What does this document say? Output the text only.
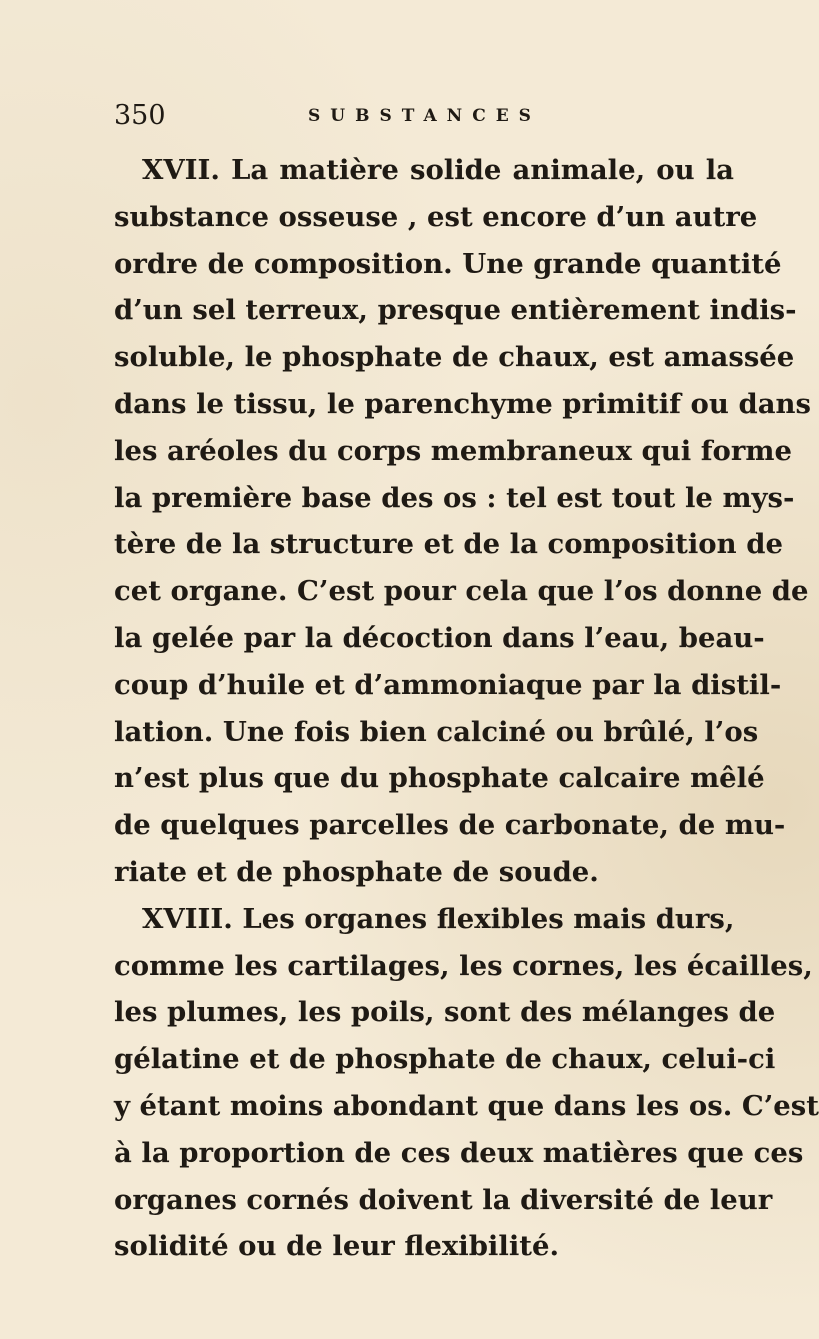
350	SUBSTANCES
XVII. La matière solide animale, ou la
substance osseuse , est encore d’un autre
ordre de composition. Une grande quantité
d’un sel terreux, presque entièrement indis-
soluble, le phosphate de chaux, est amassée
dans le tissu, le parenchyme primitif ou dans
les aréoles du corps membraneux qui forme
la première base des os : tel est tout le mys-
tère de la structure et de la composition de
cet organe. C’est pour cela que l’os donne de
la gelée par la décoction dans l’eau, beau-
coup d’huile et d’ammoniaque par la distil-
lation. Une fois bien calciné ou brûlé, l’os
n’est plus que du phosphate calcaire mêlé
de quelques parcelles de carbonate, de mu-
riate et de phosphate de soude.
XVIII. Les organes flexibles mais durs,
comme les cartilages, les cornes, les écailles,
les plumes, les poils, sont des mélanges de
gélatine et de phosphate de chaux, celui-ci
y étant moins abondant que dans les os. C’est
à la proportion de ces deux matières que ces
organes cornés doivent la diversité de leur
solidité ou de leur flexibilité.
